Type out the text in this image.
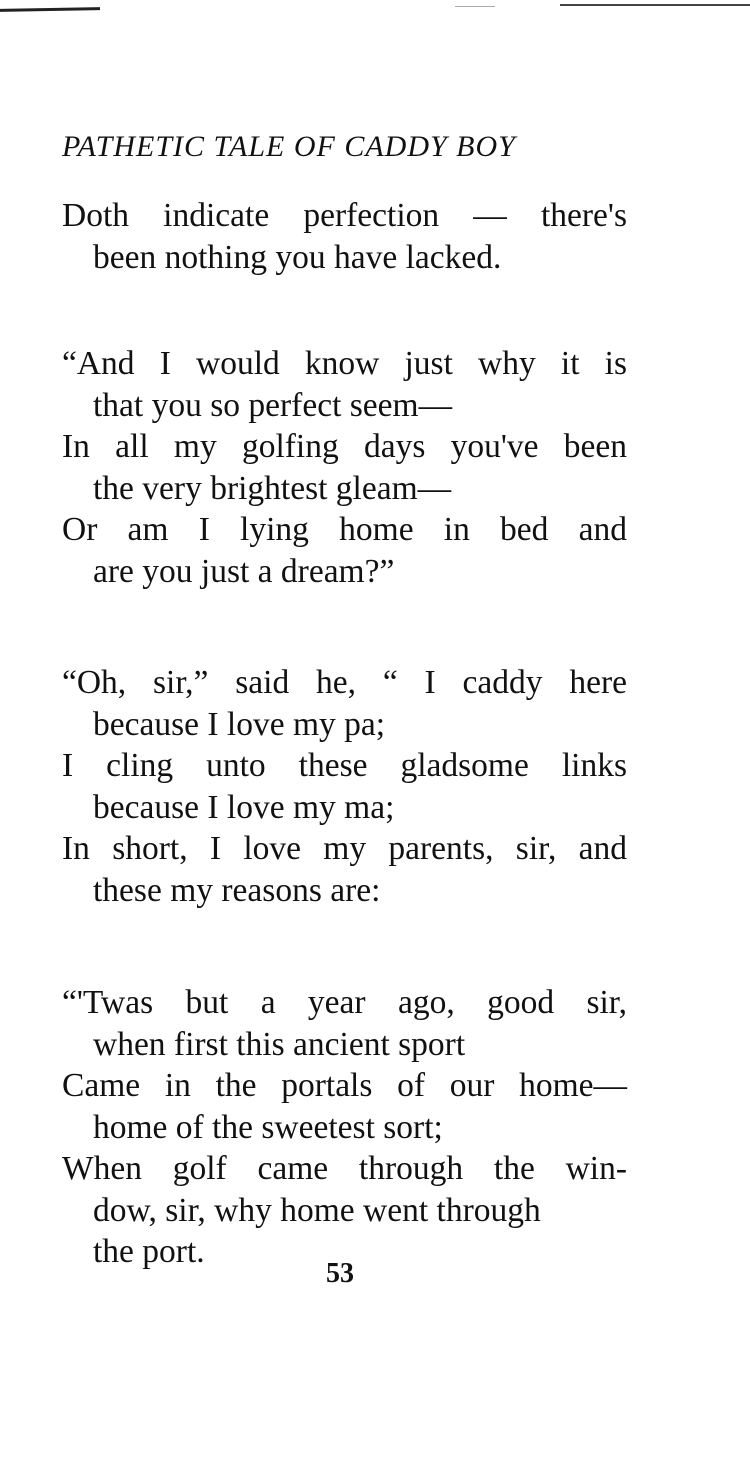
PATHETIC TALE OF CADDY BOY
Doth indicate perfection — there's
been nothing you have lacked.
“And I would know just why it is
that you so perfect seem—
In all my golfing days you've been
the very brightest gleam—
Or am I lying home in bed and
are you just a dream?”
“Oh, sir,” said he, “ I caddy here
because I love my pa;
I cling unto these gladsome links
because I love my ma;
In short, I love my parents, sir, and
these my reasons are:
“'Twas but a year ago, good sir,
when first this ancient sport
Came in the portals of our home—
home of the sweetest sort;
When golf came through the win-
dow, sir, why home went through
the port.
53
